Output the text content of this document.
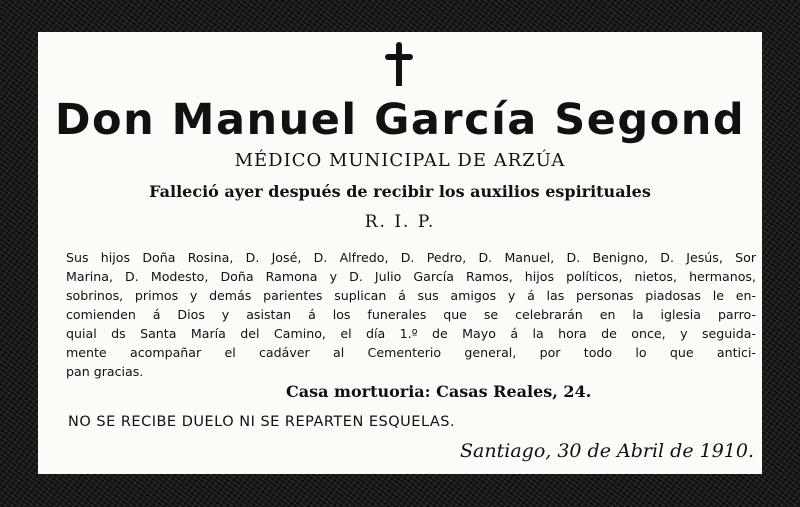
Don Manuel García Segond
MÉDICO MUNICIPAL DE ARZÚA
Falleció ayer después de recibir los auxilios espirituales
R. I. P.
Sus hijos Doña Rosina, D. José, D. Alfredo, D. Pedro, D. Manuel, D. Benigno, D. Jesús, Sor
Marina, D. Modesto, Doña Ramona y D. Julio García Ramos, hijos políticos, nietos, hermanos,
sobrinos, primos y demás parientes suplican á sus amigos y á las personas piadosas le en-
comienden á Dios y asistan á los funerales que se celebrarán en la iglesia parro-
quial ds Santa María del Camino, el día 1.º de Mayo á la hora de once, y seguida-
mente acompañar el cadáver al Cementerio general, por todo lo que antici-
pan gracias.
Casa mortuoria: Casas Reales, 24.
NO SE RECIBE DUELO NI SE REPARTEN ESQUELAS.
Santiago, 30 de Abril de 1910.
